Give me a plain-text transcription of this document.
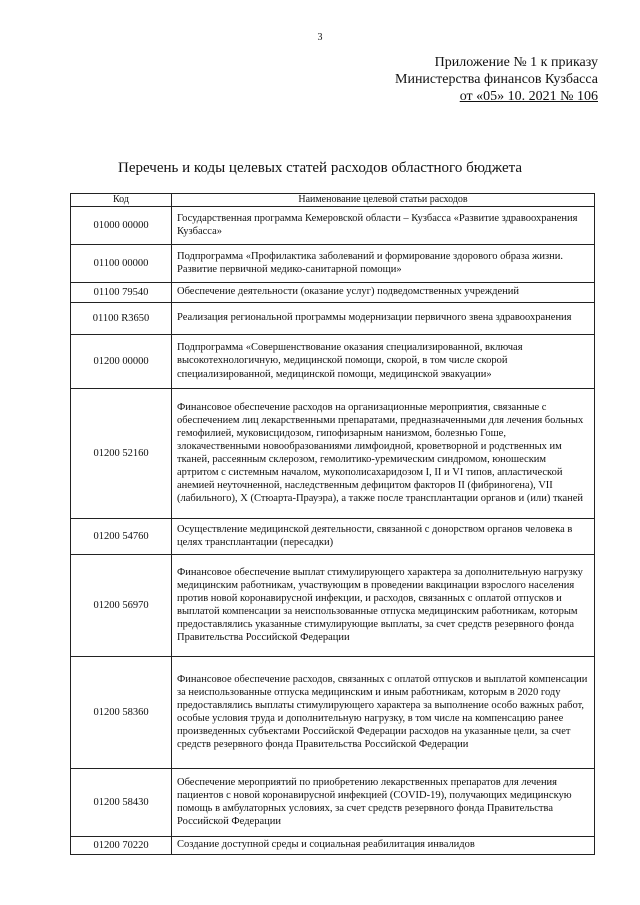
3
Приложение № 1 к приказу
Министерства финансов Кузбасса
от «05» 10. 2021 № 106
Перечень и коды целевых статей расходов областного бюджета
Код	Наименование целевой статьи расходов
01000 00000	Государственная программа Кемеровской области – Кузбасса «Развитие здравоохранения Кузбасса»
01100 00000	Подпрограмма «Профилактика заболеваний и формирование здорового образа жизни. Развитие первичной медико-санитарной помощи»
01100 79540	Обеспечение деятельности (оказание услуг) подведомственных учреждений
01100 R3650	Реализация региональной программы модернизации первичного звена здравоохранения
01200 00000	Подпрограмма «Совершенствование оказания специализированной, включая высокотехнологичную, медицинской помощи, скорой, в том числе скорой специализированной, медицинской помощи, медицинской эвакуации»
01200 52160	Финансовое обеспечение расходов на организационные мероприятия, связанные с обеспечением лиц лекарственными препаратами, предназначенными для лечения больных гемофилией, муковисцидозом, гипофизарным нанизмом, болезнью Гоше, злокачественными новообразованиями лимфоидной, кроветворной и родственных им тканей, рассеянным склерозом, гемолитико-уремическим синдромом, юношеским артритом с системным началом, мукополисахаридозом I, II и VI типов, апластической анемией неуточненной, наследственным дефицитом факторов II (фибриногена), VII (лабильного), X (Стюарта-Прауэра), а также после трансплантации органов и (или) тканей
01200 54760	Осуществление медицинской деятельности, связанной с донорством органов человека в целях трансплантации (пересадки)
01200 56970	Финансовое обеспечение выплат стимулирующего характера за дополнительную нагрузку медицинским работникам, участвующим в проведении вакцинации взрослого населения против новой коронавирусной инфекции, и расходов, связанных с оплатой отпусков и выплатой компенсации за неиспользованные отпуска медицинским работникам, которым предоставлялись указанные стимулирующие выплаты, за счет средств резервного фонда Правительства Российской Федерации
01200 58360	Финансовое обеспечение расходов, связанных с оплатой отпусков и выплатой компенсации за неиспользованные отпуска медицинским и иным работникам, которым в 2020 году предоставлялись выплаты стимулирующего характера за выполнение особо важных работ, особые условия труда и дополнительную нагрузку, в том числе на компенсацию ранее произведенных субъектами Российской Федерации расходов на указанные цели, за счет средств резервного фонда Правительства Российской Федерации
01200 58430	Обеспечение мероприятий по приобретению лекарственных препаратов для лечения пациентов с новой коронавирусной инфекцией (COVID-19), получающих медицинскую помощь в амбулаторных условиях, за счет средств резервного фонда Правительства Российской Федерации
01200 70220	Создание доступной среды и социальная реабилитация инвалидов
